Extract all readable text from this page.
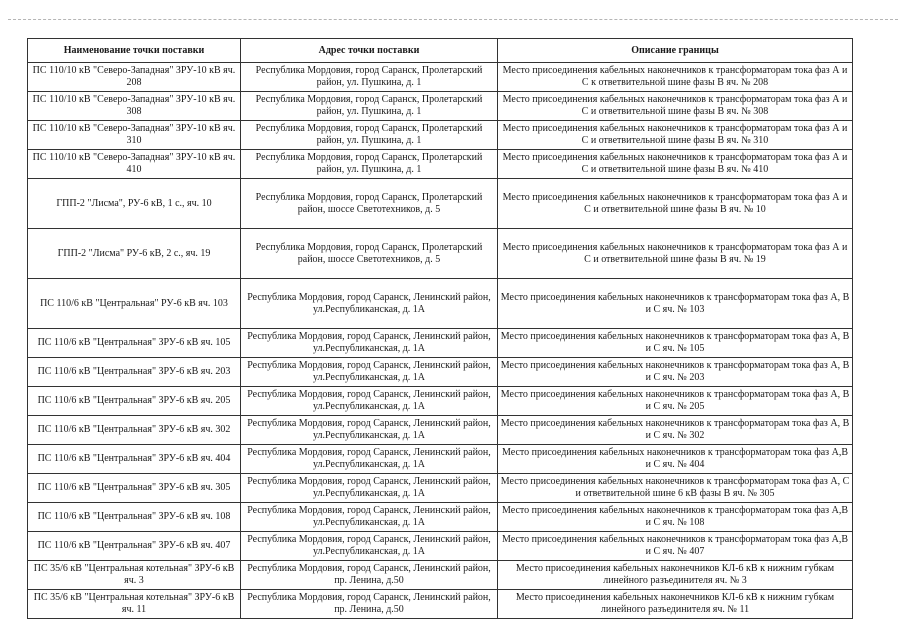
Наименование точки поставки	Адрес точки поставки	Описание границы
ПС 110/10 кВ "Северо-Западная" ЗРУ-10 кВ яч. 208	Республика Мордовия, город Саранск, Пролетарский район, ул. Пушкина, д. 1	Место присоединения кабельных наконечников к трансформаторам тока фаз А и С к ответвительной шине фазы В яч. № 208
ПС 110/10 кВ "Северо-Западная" ЗРУ-10 кВ яч. 308	Республика Мордовия, город Саранск, Пролетарский район, ул. Пушкина, д. 1	Место присоединения кабельных наконечников к трансформаторам тока фаз А и С и ответвительной шине фазы В яч. № 308
ПС 110/10 кВ "Северо-Западная" ЗРУ-10 кВ яч. 310	Республика Мордовия, город Саранск, Пролетарский район, ул. Пушкина, д. 1	Место присоединения кабельных наконечников к трансформаторам тока фаз А и С и ответвительной шине фазы В яч. № 310
ПС 110/10 кВ "Северо-Западная" ЗРУ-10 кВ яч. 410	Республика Мордовия, город Саранск, Пролетарский район, ул. Пушкина, д. 1	Место присоединения кабельных наконечников к трансформаторам тока фаз А и С и ответвительной шине фазы В яч. № 410
ГПП-2 "Лисма", РУ-6 кВ, 1 с., яч. 10	Республика Мордовия, город Саранск, Пролетарский район, шоссе Светотехников, д. 5	Место присоединения кабельных наконечников к трансформаторам тока фаз А и С и ответвительной шине фазы В яч. № 10
ГПП-2 "Лисма" РУ-6 кВ, 2 с., яч. 19	Республика Мордовия, город Саранск, Пролетарский район, шоссе Светотехников, д. 5	Место присоединения кабельных наконечников к трансформаторам тока фаз А и С и ответвительной шине фазы В яч. № 19
ПС 110/6 кВ "Центральная" РУ-6 кВ яч. 103	Республика Мордовия, город Саранск, Ленинский район, ул.Республиканская, д. 1А	Место присоединения кабельных наконечников к трансформаторам тока фаз А, В и С яч. № 103
ПС 110/6 кВ "Центральная" ЗРУ-6 кВ яч. 105	Республика Мордовия, город Саранск, Ленинский район, ул.Республиканская, д. 1А	Место присоединения кабельных наконечников к трансформаторам тока фаз А, В и С яч. № 105
ПС 110/6 кВ "Центральная" ЗРУ-6 кВ яч. 203	Республика Мордовия, город Саранск, Ленинский район, ул.Республиканская, д. 1А	Место присоединения кабельных наконечников к трансформаторам тока фаз А, В и С яч. № 203
ПС 110/6 кВ "Центральная" ЗРУ-6 кВ яч. 205	Республика Мордовия, город Саранск, Ленинский район, ул.Республиканская, д. 1А	Место присоединения кабельных наконечников к трансформаторам тока фаз А, В и С яч. № 205
ПС 110/6 кВ "Центральная" ЗРУ-6 кВ яч. 302	Республика Мордовия, город Саранск, Ленинский район, ул.Республиканская, д. 1А	Место присоединения кабельных наконечников к трансформаторам тока фаз А, В и С яч. № 302
ПС 110/6 кВ "Центральная" ЗРУ-6 кВ яч. 404	Республика Мордовия, город Саранск, Ленинский район, ул.Республиканская, д. 1А	Место присоединения кабельных наконечников к трансформаторам тока фаз А,В и С яч. № 404
ПС 110/6 кВ "Центральная" ЗРУ-6 кВ яч. 305	Республика Мордовия, город Саранск, Ленинский район, ул.Республиканская, д. 1А	Место присоединения кабельных наконечников к трансформаторам тока фаз А, С и ответвительной шине 6 кВ фазы В яч. № 305
ПС 110/6 кВ "Центральная" ЗРУ-6 кВ яч. 108	Республика Мордовия, город Саранск, Ленинский район, ул.Республиканская, д. 1А	Место присоединения кабельных наконечников к трансформаторам тока фаз А,В и С яч. № 108
ПС 110/6 кВ "Центральная" ЗРУ-6 кВ яч. 407	Республика Мордовия, город Саранск, Ленинский район, ул.Республиканская, д. 1А	Место присоединения кабельных наконечников к трансформаторам тока фаз А,В и С яч. № 407
ПС 35/6 кВ "Центральная котельная" ЗРУ-6 кВ яч. 3	Республика Мордовия, город Саранск, Ленинский район, пр. Ленина, д.50	Место присоединения кабельных наконечников КЛ-6 кВ к нижним губкам линейного разъединителя яч. № 3
ПС 35/6 кВ "Центральная котельная" ЗРУ-6 кВ яч. 11	Республика Мордовия, город Саранск, Ленинский район, пр. Ленина, д.50	Место присоединения кабельных наконечников КЛ-6 кВ к нижним губкам линейного разъединителя яч. № 11
